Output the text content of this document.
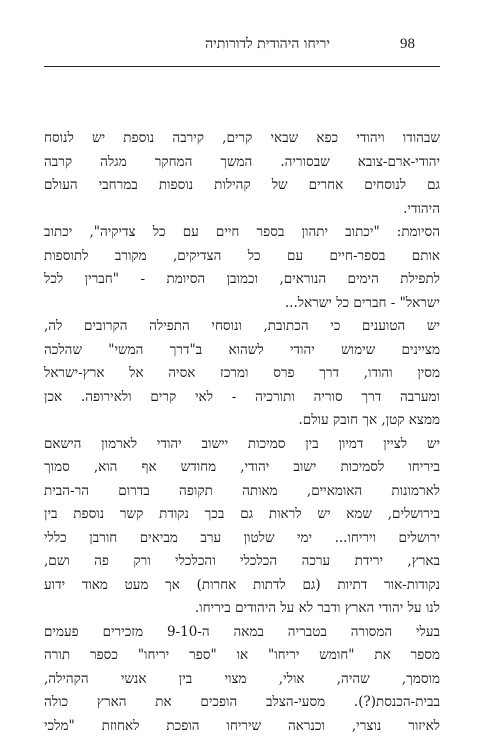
יריחו היהודית לדורותיה	98
שבהודו ויהודי כפא שבאי קרים, קירבה נוספת יש לנוסח
יהודי-ארם-צובא שבסוריה. המשך המחקר מגלה קרבה
גם לנוסחים אחרים של קהילות נוספות במרחבי העולם
היהודי.
הסיומת: "יכתוב יתהון בספר חיים עם כל צדיקיה", יכתוב
אותם בספר-חיים עם כל הצדיקים, מקורב לתוספות
לתפילת הימים הנוראים, וכמובן הסיומת - "חברין לכל
ישראל" - חברים כל ישראל...
יש הטוענים כי הכתובת, ונוסחי התפילה הקרובים לה,
מציינים שימוש יהודי לשהוא ב"דרך המשי" שהלכה
מסין והודו, דרך פרס ומרכז אסיה אל ארץ-ישראל
ומערבה דרך סוריה ותורכיה - לאי קרים ולאירופה. אכן
ממצא קטן, אך חובק עולם.
יש לציין דמיון בין סמיכות יישוב יהודי לארמון הישאם
ביריחו לסמיכות ישוב יהודי, מחודש אף הוא, סמוך
לארמונות האומאיים, מאותה תקופה בדרום הר-הבית
בירושלים, שמא יש לראות גם בכך נקודת קשר נוספת בין
ירושלים ויריחו... ימי שלטון ערב מביאים חורבן כללי
בארץ, ירידת ערכה הכלכלי והכלכלי ורק פה ושם,
נקודות-אור דתיות (גם לדתות אחרות) אך מעט מאוד ידוע
לנו על יהודי הארץ ודבר לא על היהודים ביריחו.
בעלי המסורה בטבריה במאה ה-9-10 מזכירים פעמים
מספר את "חומש יריחו" או "ספר יריחו" כספר תורה
מוסמך, שהיה, אולי, מצוי בין אנשי הקהילה,
בבית-הכנסת(?). מסעי-הצלב הופכים את הארץ כולה
לאיזור נוצרי, וכנראה שיריחו הופכת לאחוזת "מלכי
